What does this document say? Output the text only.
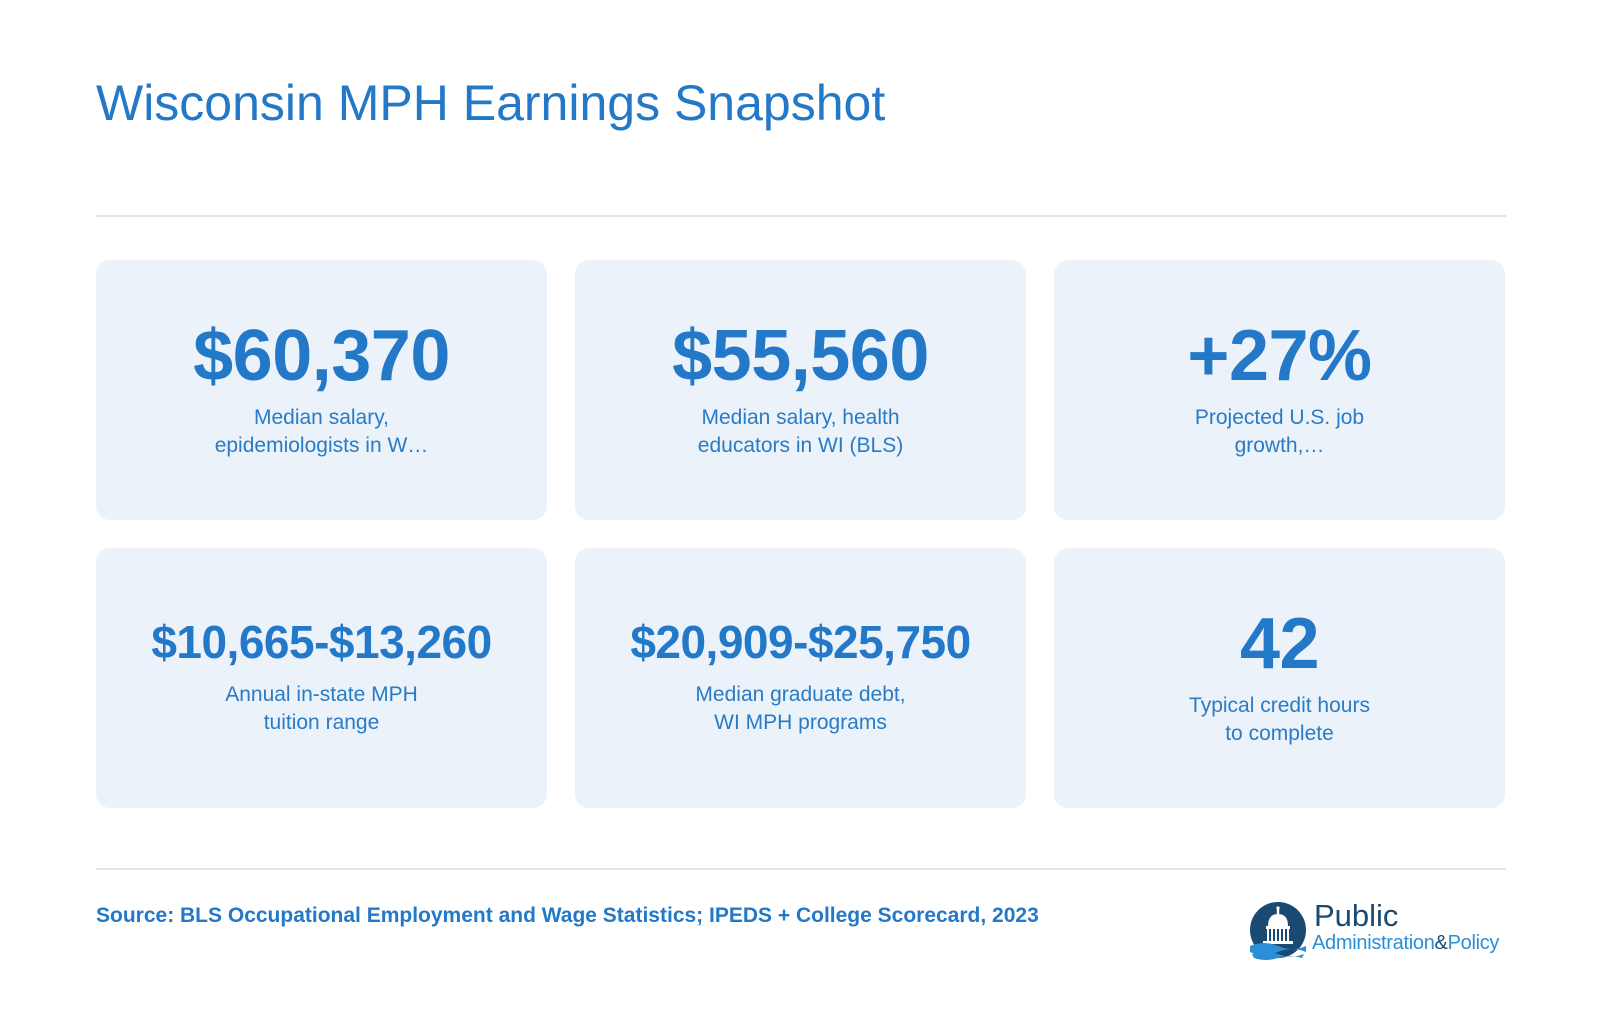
Wisconsin MPH Earnings Snapshot
$60,370
Median salary,
epidemiologists in W…
$55,560
Median salary, health
educators in WI (BLS)
+27%
Projected U.S. job
growth,…
$10,665-$13,260
Annual in-state MPH
tuition range
$20,909-$25,750
Median graduate debt,
WI MPH programs
42
Typical credit hours
to complete

Source: BLS Occupational Employment and Wage Statistics; IPEDS + College Scorecard, 2023	Public
Administration&Policy
